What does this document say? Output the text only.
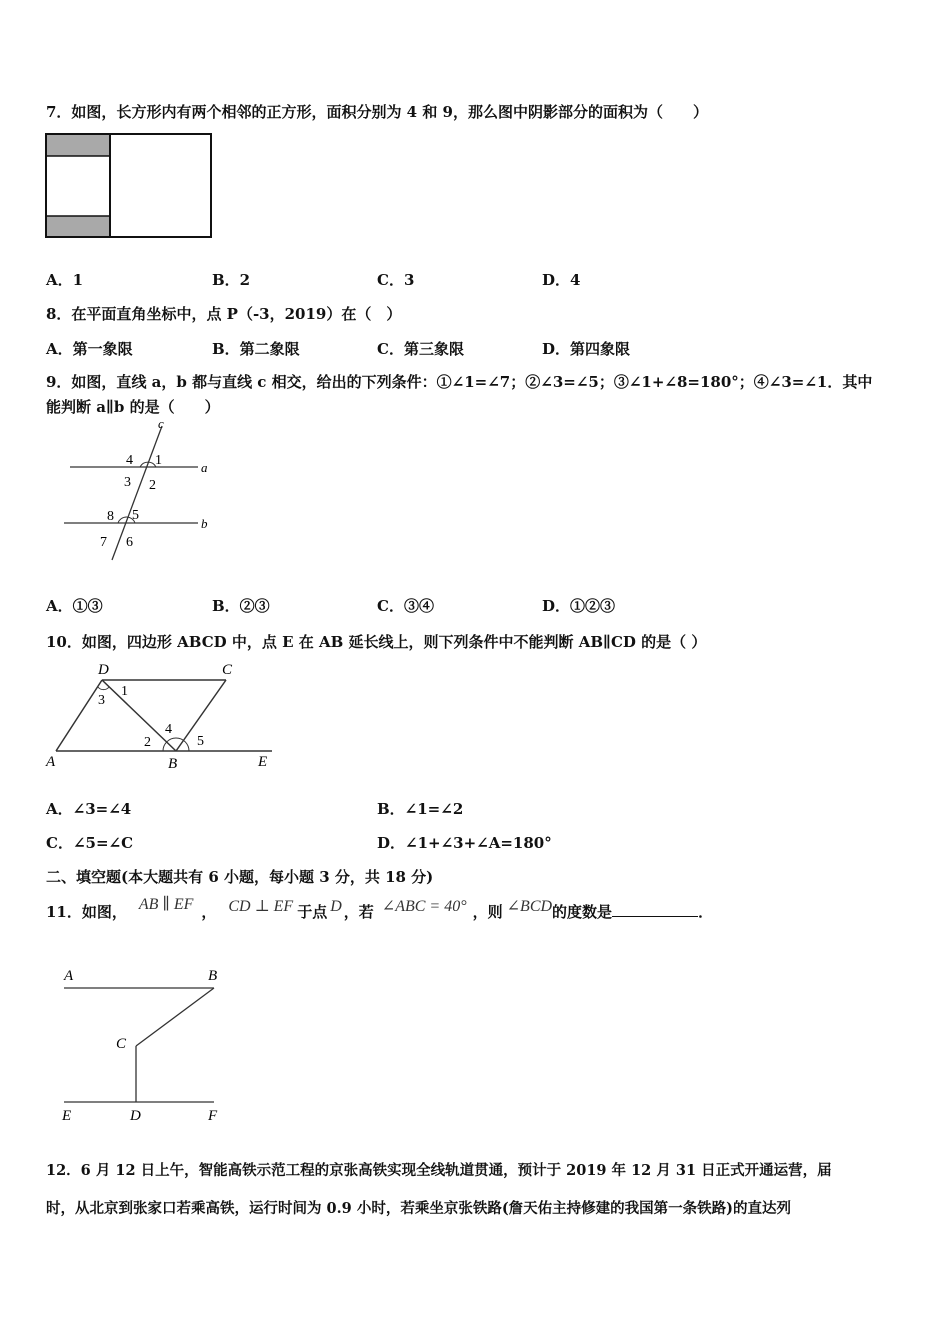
7．如图，长方形内有两个相邻的正方形，面积分别为 4 和 9，那么图中阴影部分的面积为（　　）
A．1	B．2	C．3	D．4
8．在平面直角坐标中，点 P（-3，2019）在（　）
A．第一象限	B．第二象限	C．第三象限	D．第四象限
9．如图，直线 a，b 都与直线 c 相交，给出的下列条件：①∠1=∠7；②∠3=∠5；③∠1+∠8=180°；④∠3=∠1．其中
能判断 a∥b 的是（　　）
c
a
b
4 1
3 2
8 5
7 6
A．①③	B．②③	C．③④	D．①②③
10．如图，四边形 ABCD 中，点 E 在 AB 延长线上，则下列条件中不能判断 AB∥CD 的是（ ）
D	C
A	B	E
1
2
3
4
5
A．∠3=∠4	B．∠1=∠2
C．∠5=∠C	D．∠1+∠3+∠A=180°
二、填空题(本大题共有 6 小题，每小题 3 分，共 18 分)
11．如图， AB ∥ EF ， CD ⊥ EF 于点 D ，若 ∠ABC = 40° ，则 ∠BCD的度数是	．
A	B
C
E	D	F
12．6 月 12 日上午，智能高铁示范工程的京张高铁实现全线轨道贯通，预计于 2019 年 12 月 31 日正式开通运营，届
时，从北京到张家口若乘高铁，运行时间为 0.9 小时，若乘坐京张铁路(詹天佑主持修建的我国第一条铁路)的直达列
